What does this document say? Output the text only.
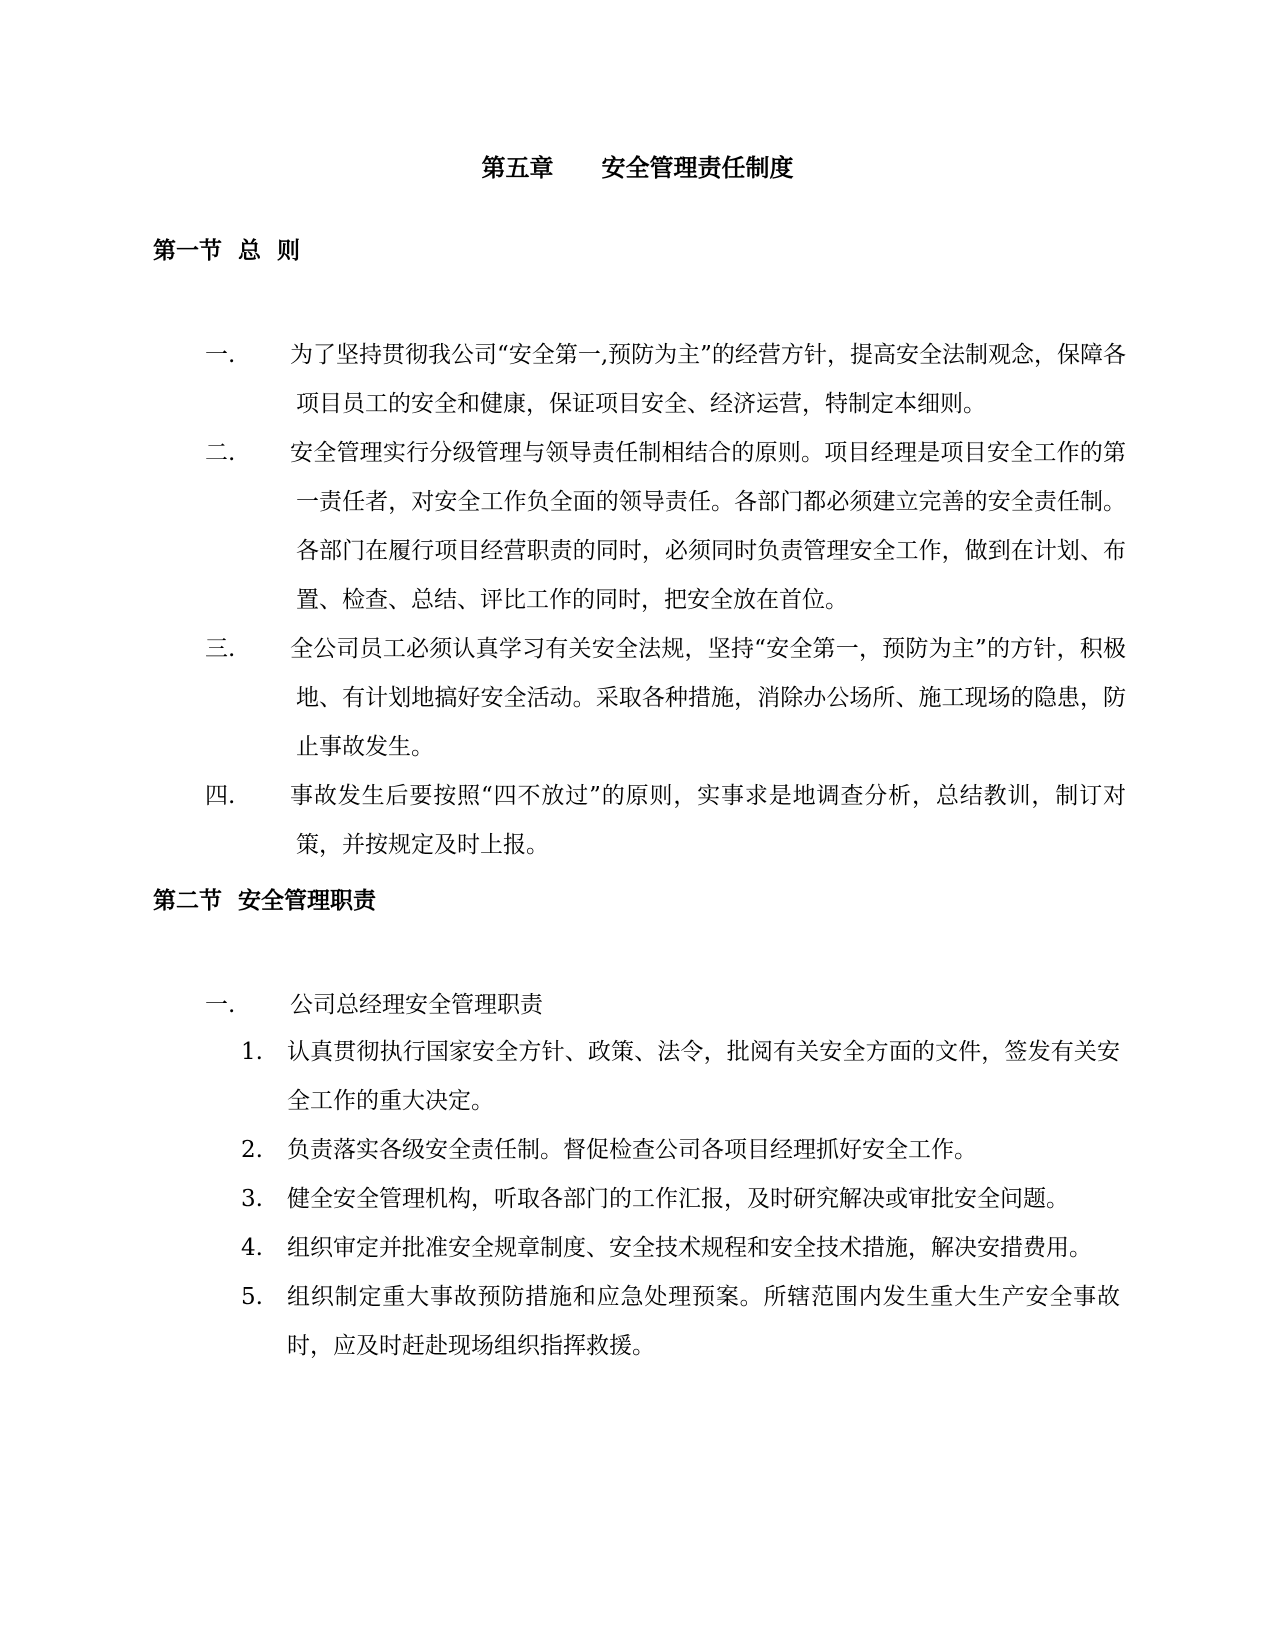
第五章　　安全管理责任制度
第一节  总  则
一. 为了坚持贯彻我公司“安全第一,预防为主”的经营方针，提高安全法制观念，保障各项目员工的安全和健康，保证项目安全、经济运营，特制定本细则。
二. 安全管理实行分级管理与领导责任制相结合的原则。项目经理是项目安全工作的第一责任者，对安全工作负全面的领导责任。各部门都必须建立完善的安全责任制。各部门在履行项目经营职责的同时，必须同时负责管理安全工作，做到在计划、布置、检查、总结、评比工作的同时，把安全放在首位。
三. 全公司员工必须认真学习有关安全法规，坚持“安全第一，预防为主”的方针，积极地、有计划地搞好安全活动。采取各种措施，消除办公场所、施工现场的隐患，防止事故发生。
四. 事故发生后要按照“四不放过”的原则，实事求是地调查分析，总结教训，制订对策，并按规定及时上报。
第二节  安全管理职责
一. 公司总经理安全管理职责
1. 认真贯彻执行国家安全方针、政策、法令，批阅有关安全方面的文件，签发有关安全工作的重大决定。
2. 负责落实各级安全责任制。督促检查公司各项目经理抓好安全工作。
3. 健全安全管理机构，听取各部门的工作汇报，及时研究解决或审批安全问题。
4. 组织审定并批准安全规章制度、安全技术规程和安全技术措施，解决安措费用。
5. 组织制定重大事故预防措施和应急处理预案。所辖范围内发生重大生产安全事故时，应及时赶赴现场组织指挥救援。
